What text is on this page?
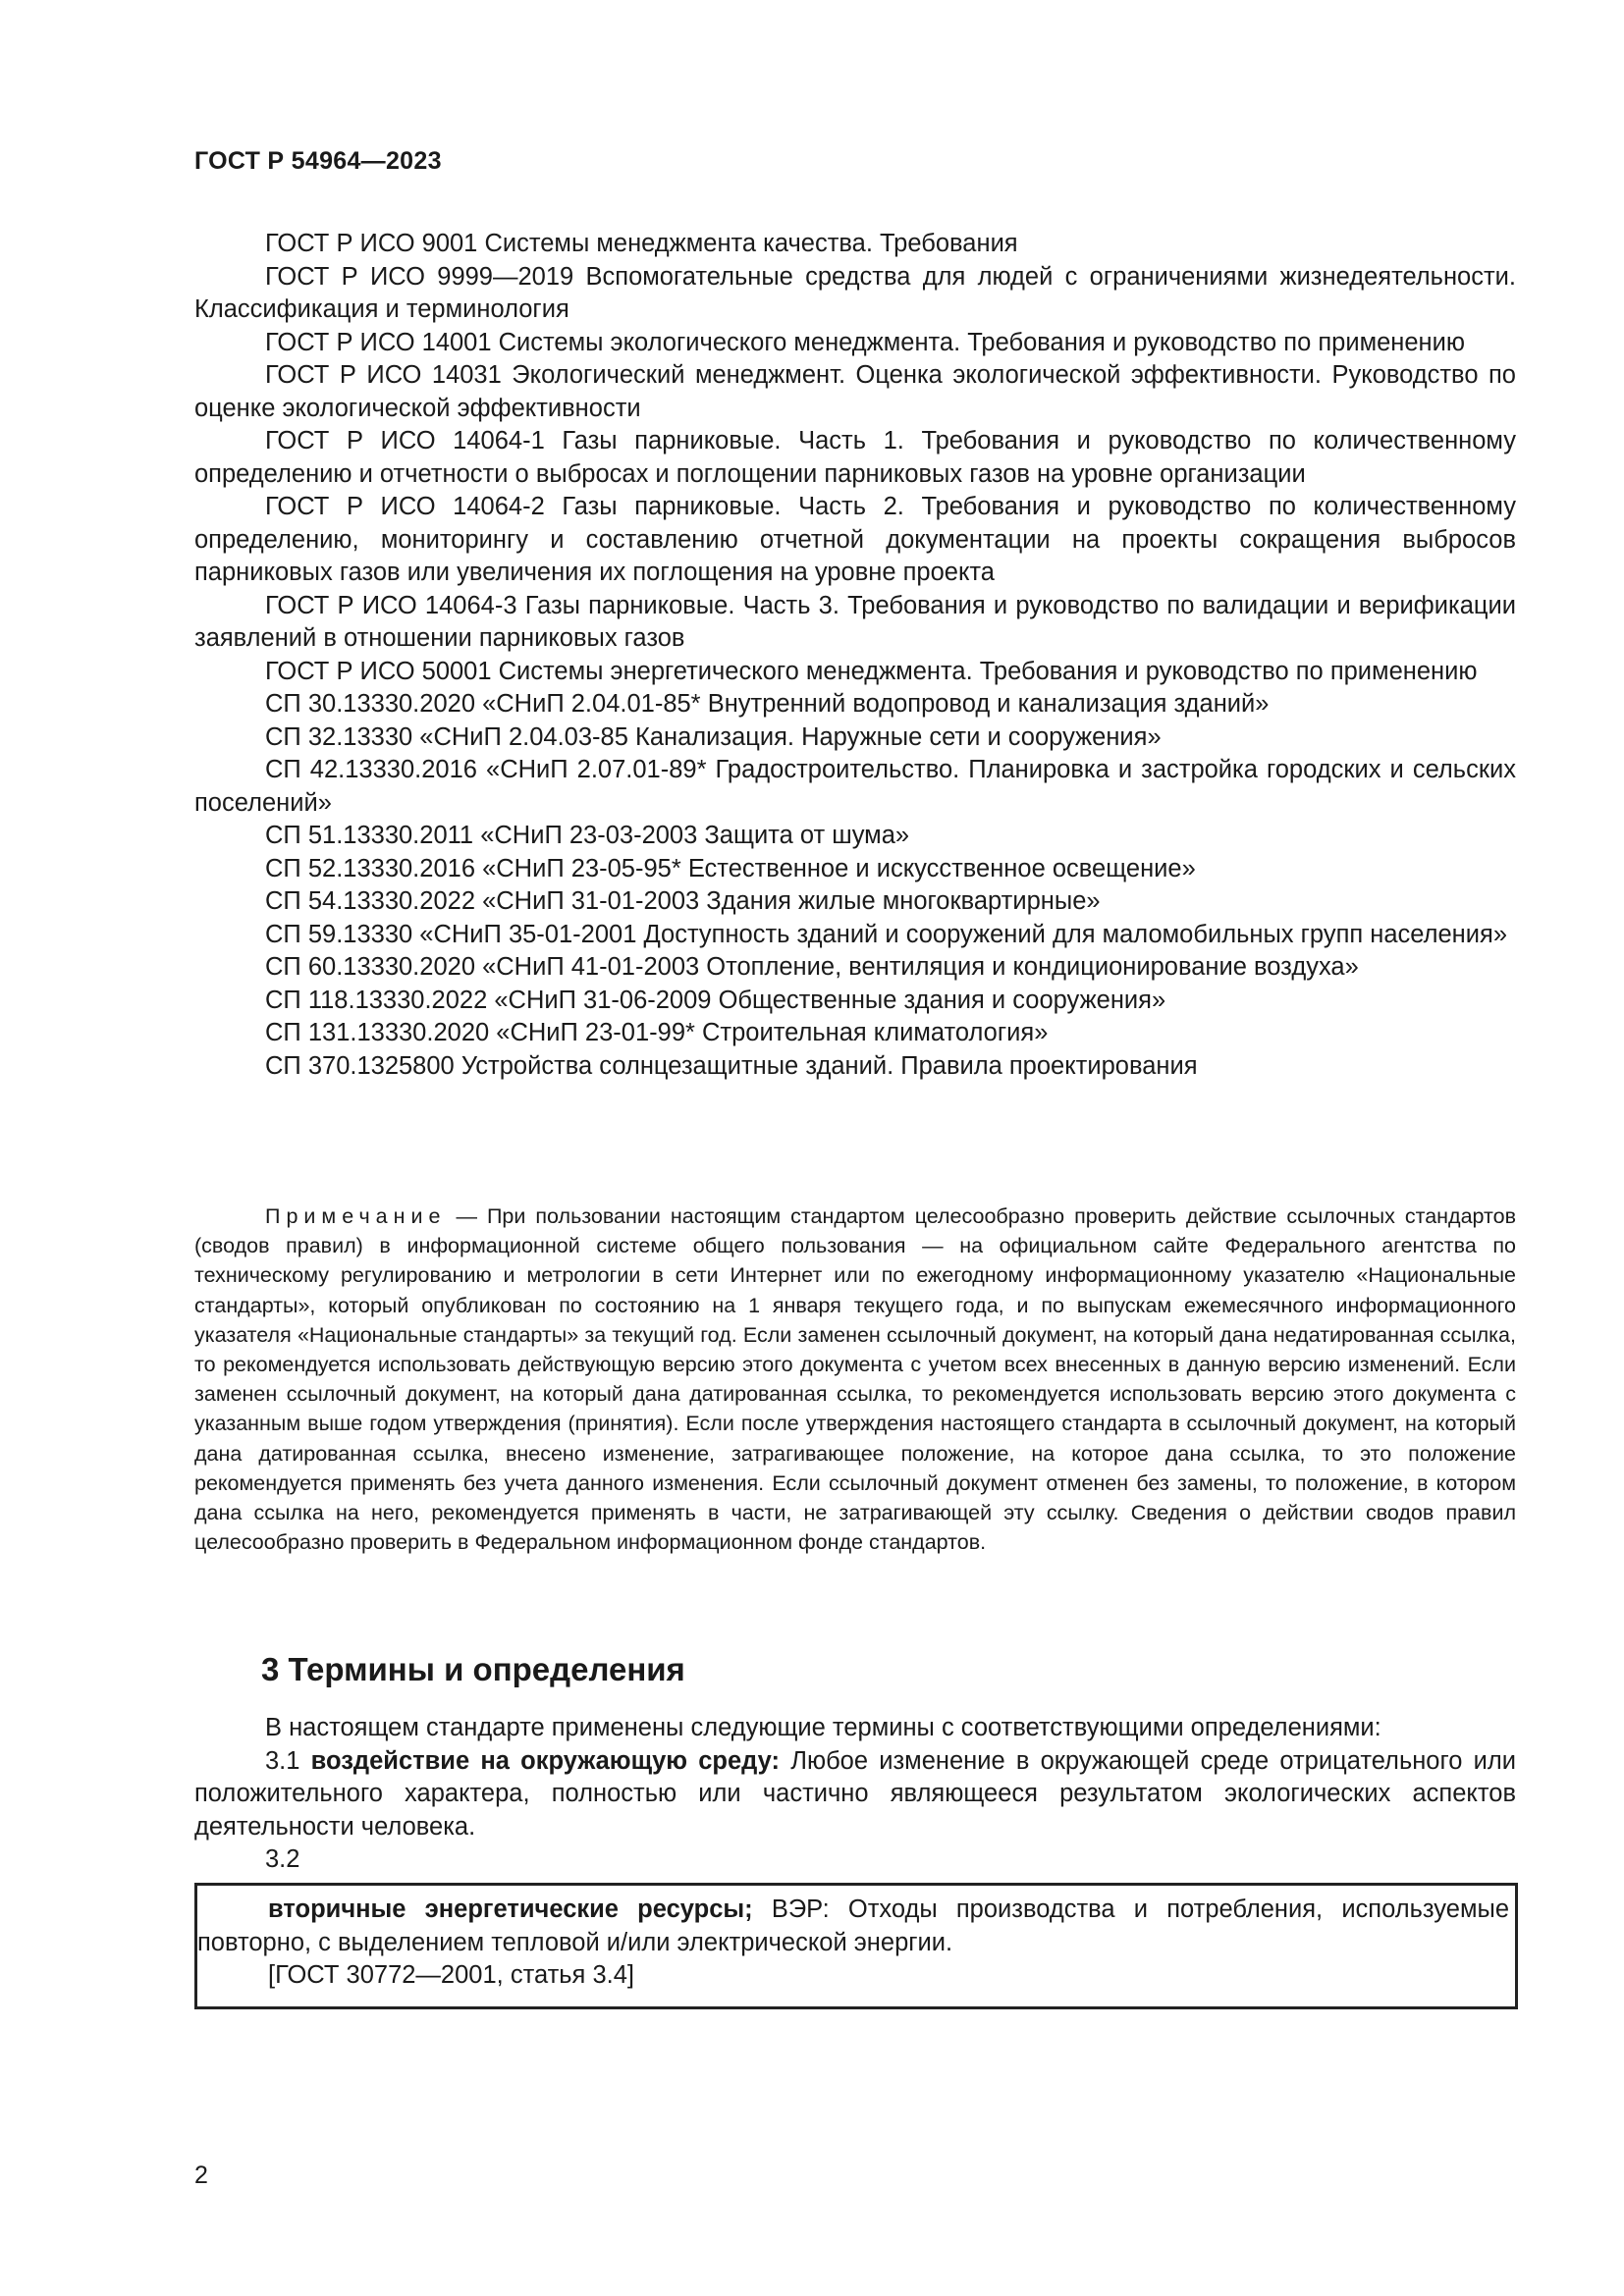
ГОСТ Р 54964—2023

ГОСТ Р ИСО 9001 Системы менеджмента качества. Требования

ГОСТ Р ИСО 9999—2019 Вспомогательные средства для людей с ограничениями жизнедеятельности. Классификация и терминология

ГОСТ Р ИСО 14001 Системы экологического менеджмента. Требования и руководство по применению

ГОСТ Р ИСО 14031 Экологический менеджмент. Оценка экологической эффективности. Руководство по оценке экологической эффективности

ГОСТ Р ИСО 14064-1 Газы парниковые. Часть 1. Требования и руководство по количественному определению и отчетности о выбросах и поглощении парниковых газов на уровне организации

ГОСТ Р ИСО 14064-2 Газы парниковые. Часть 2. Требования и руководство по количественному определению, мониторингу и составлению отчетной документации на проекты сокращения выбросов парниковых газов или увеличения их поглощения на уровне проекта

ГОСТ Р ИСО 14064-3 Газы парниковые. Часть 3. Требования и руководство по валидации и верификации заявлений в отношении парниковых газов

ГОСТ Р ИСО 50001 Системы энергетического менеджмента. Требования и руководство по применению

СП 30.13330.2020 «СНиП 2.04.01-85* Внутренний водопровод и канализация зданий»

СП 32.13330 «СНиП 2.04.03-85 Канализация. Наружные сети и сооружения»

СП 42.13330.2016 «СНиП 2.07.01-89* Градостроительство. Планировка и застройка городских и сельских поселений»

СП 51.13330.2011 «СНиП 23-03-2003 Защита от шума»

СП 52.13330.2016 «СНиП 23-05-95* Естественное и искусственное освещение»

СП 54.13330.2022 «СНиП 31-01-2003 Здания жилые многоквартирные»

СП 59.13330 «СНиП 35-01-2001 Доступность зданий и сооружений для маломобильных групп населения»

СП 60.13330.2020 «СНиП 41-01-2003 Отопление, вентиляция и кондиционирование воздуха»

СП 118.13330.2022 «СНиП 31-06-2009 Общественные здания и сооружения»

СП 131.13330.2020 «СНиП 23-01-99* Строительная климатология»

СП 370.1325800 Устройства солнцезащитные зданий. Правила проектирования

Примечание — При пользовании настоящим стандартом целесообразно проверить действие ссылочных стандартов (сводов правил) в информационной системе общего пользования — на официальном сайте Федерального агентства по техническому регулированию и метрологии в сети Интернет или по ежегодному информационному указателю «Национальные стандарты», который опубликован по состоянию на 1 января текущего года, и по выпускам ежемесячного информационного указателя «Национальные стандарты» за текущий год. Если заменен ссылочный документ, на который дана недатированная ссылка, то рекомендуется использовать действующую версию этого документа с учетом всех внесенных в данную версию изменений. Если заменен ссылочный документ, на который дана датированная ссылка, то рекомендуется использовать версию этого документа с указанным выше годом утверждения (принятия). Если после утверждения настоящего стандарта в ссылочный документ, на который дана датированная ссылка, внесено изменение, затрагивающее положение, на которое дана ссылка, то это положение рекомендуется применять без учета данного изменения. Если ссылочный документ отменен без замены, то положение, в котором дана ссылка на него, рекомендуется применять в части, не затрагивающей эту ссылку. Сведения о действии сводов правил целесообразно проверить в Федеральном информационном фонде стандартов.
3 Термины и определения

В настоящем стандарте применены следующие термины с соответствующими определениями:

3.1 воздействие на окружающую среду: Любое изменение в окружающей среде отрицательного или положительного характера, полностью или частично являющееся результатом экологических аспектов деятельности человека.

3.2

вторичные энергетические ресурсы; ВЭР: Отходы производства и потребления, используемые повторно, с выделением тепловой и/или электрической энергии.

[ГОСТ 30772—2001, статья 3.4]

2
